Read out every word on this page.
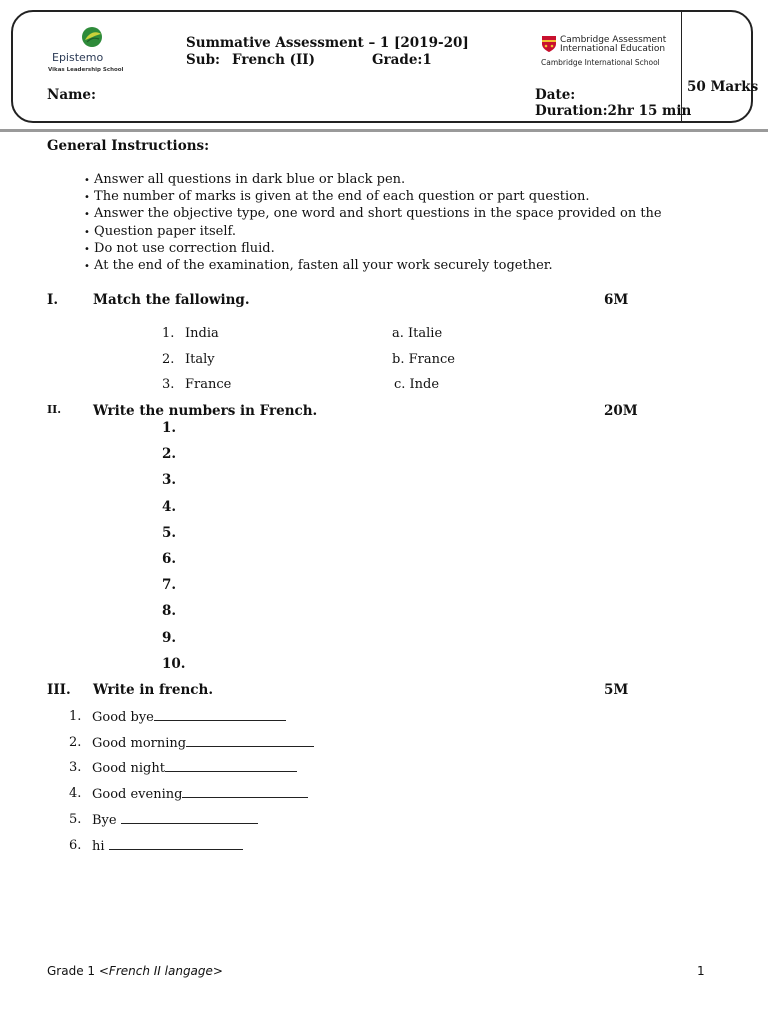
Epistemo
Vikas Leadership School
Summative Assessment – 1 [2019-20]
Sub: French (II)	Grade:1
Name:	Date:
Duration:2hr 15 min
50 Marks
Cambridge Assessment
International Education
Cambridge International School
General Instructions:
• Answer all questions in dark blue or black pen.
• The number of marks is given at the end of each question or part question.
• Answer the objective type, one word and short questions in the space provided on the
• Question paper itself.
• Do not use correction fluid.
• At the end of the examination, fasten all your work securely together.
I.	Match the fallowing.	6M
1. India	a. Italie
2. Italy	b. France
3. France	c. Inde
II. Write the numbers in French.	20M
1.
2.
3.
4.
5.
6.
7.
8.
9.
10.
III. Write in french.	5M
1. Good bye
2. Good morning
3. Good night
4. Good evening
5. Bye
6. hi
Grade 1 <French II langage>	1
